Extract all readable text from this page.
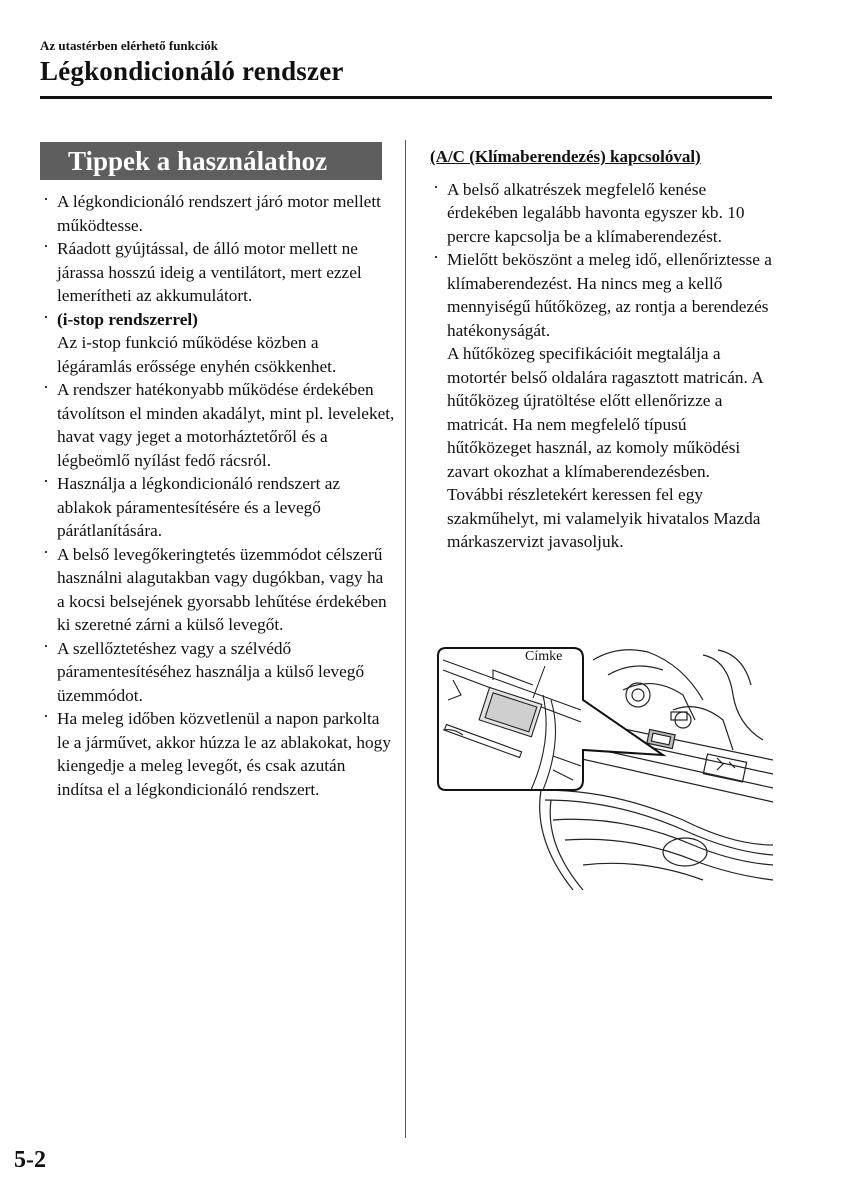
Az utastérben elérhető funkciók
Légkondicionáló rendszer
Tippek a használathoz
· A légkondicionáló rendszert járó motor mellett működtesse.
· Ráadott gyújtással, de álló motor mellett ne járassa hosszú ideig a ventilátort, mert ezzel lemerítheti az akkumulátort.
· (i-stop rendszerrel)
Az i-stop funkció működése közben a légáramlás erőssége enyhén csökkenhet.
· A rendszer hatékonyabb működése érdekében távolítson el minden akadályt, mint pl. leveleket, havat vagy jeget a motorháztetőről és a légbeömlő nyílást fedő rácsról.
· Használja a légkondicionáló rendszert az ablakok páramentesítésére és a levegő párátlanítására.
· A belső levegőkeringtetés üzemmódot célszerű használni alagutakban vagy dugókban, vagy ha a kocsi belsejének gyorsabb lehűtése érdekében ki szeretné zárni a külső levegőt.
· A szellőztetéshez vagy a szélvédő páramentesítéséhez használja a külső levegő üzemmódot.
· Ha meleg időben közvetlenül a napon parkolta le a járművet, akkor húzza le az ablakokat, hogy kiengedje a meleg levegőt, és csak azután indítsa el a légkondicionáló rendszert.
(A/C (Klímaberendezés) kapcsolóval)
· A belső alkatrészek megfelelő kenése érdekében legalább havonta egyszer kb. 10 percre kapcsolja be a klímaberendezést.
· Mielőtt beköszönt a meleg idő, ellenőriztesse a klímaberendezést. Ha nincs meg a kellő mennyiségű hűtőközeg, az rontja a berendezés hatékonyságát.
A hűtőközeg specifikációit megtalálja a motortér belső oldalára ragasztott matricán. A hűtőközeg újratöltése előtt ellenőrizze a matricát. Ha nem megfelelő típusú hűtőközeget használ, az komoly működési zavart okozhat a klímaberendezésben.
További részletekért keressen fel egy szakműhelyt, mi valamelyik hivatalos Mazda márkaszervizt javasoljuk.
Címke
5-2
